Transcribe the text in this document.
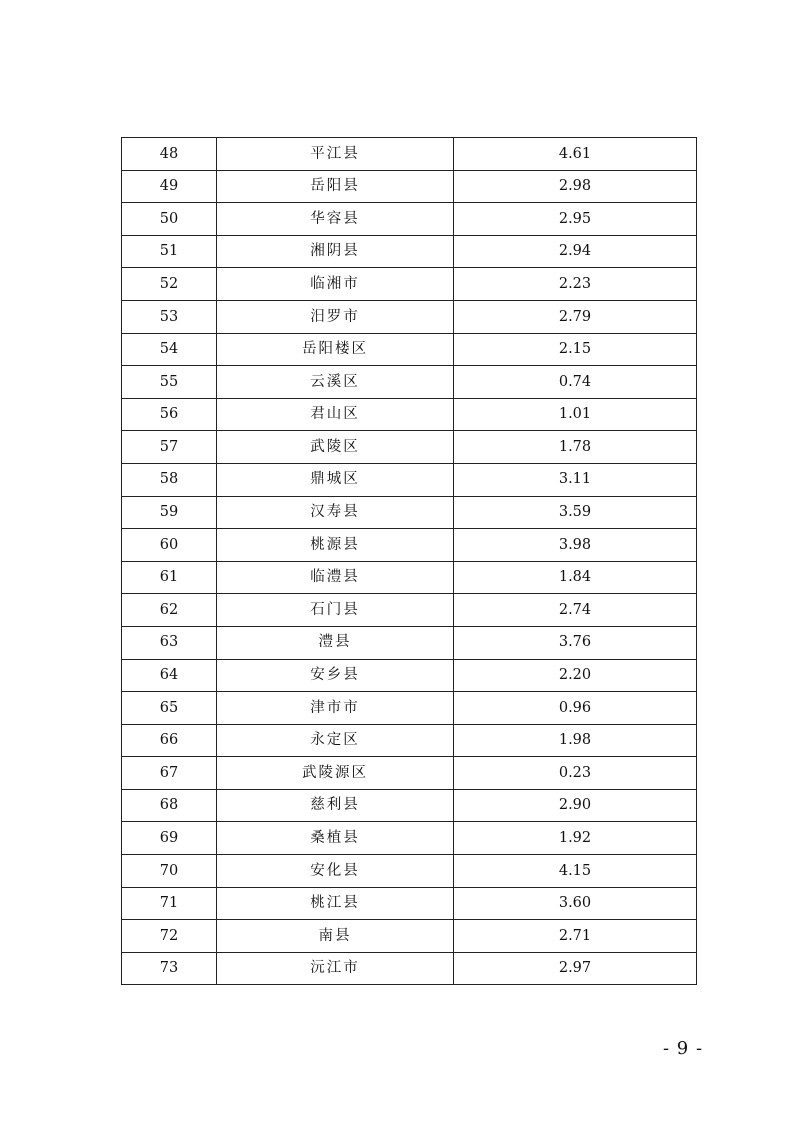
48	平江县	4.61
49	岳阳县	2.98
50	华容县	2.95
51	湘阴县	2.94
52	临湘市	2.23
53	汨罗市	2.79
54	岳阳楼区	2.15
55	云溪区	0.74
56	君山区	1.01
57	武陵区	1.78
58	鼎城区	3.11
59	汉寿县	3.59
60	桃源县	3.98
61	临澧县	1.84
62	石门县	2.74
63	澧县	3.76
64	安乡县	2.20
65	津市市	0.96
66	永定区	1.98
67	武陵源区	0.23
68	慈利县	2.90
69	桑植县	1.92
70	安化县	4.15
71	桃江县	3.60
72	南县	2.71
73	沅江市	2.97
- 9 -
